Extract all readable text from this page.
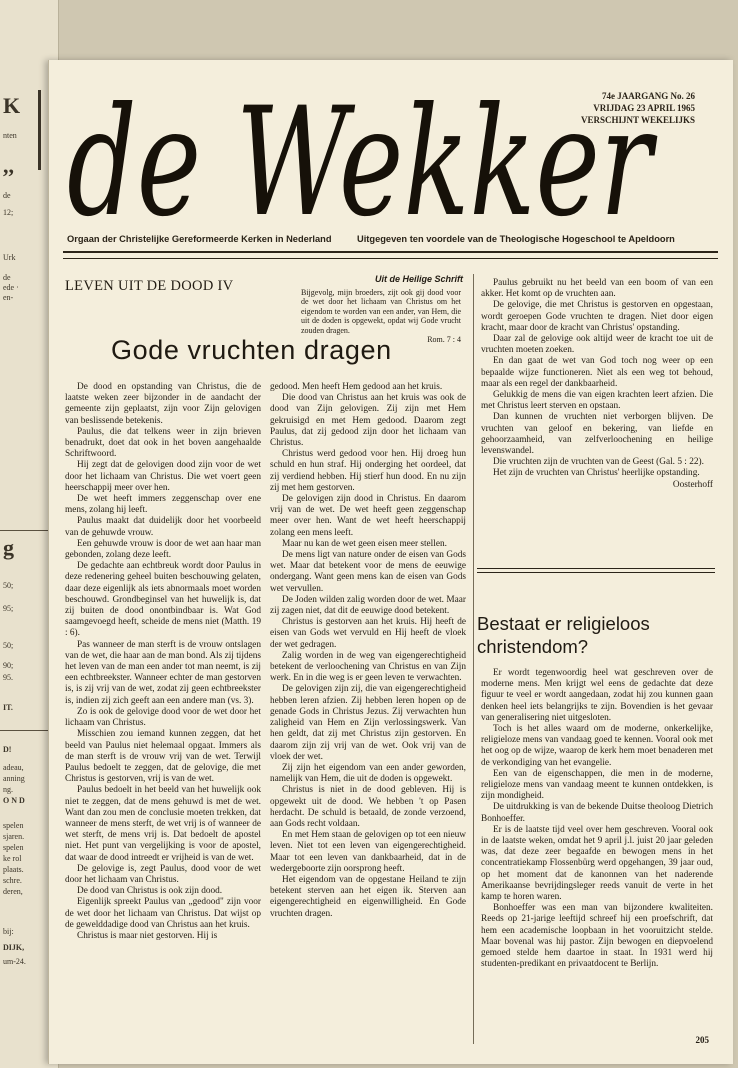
K
nten
,,
de
12;
Urk
de
ede ·
en-
g
50;
95;
50;
90;
95.
IT.
D!
adeau,
anning
ng.
O N D
spelen
sjaren.
spelen
ke rol
plaats.
schre.
deren,
bij:
DIJK,
um-24.
de Wekker
74e JAARGANG No. 26
VRIJDAG 23 APRIL 1965
VERSCHIJNT WEKELIJKS
Orgaan der Christelijke Gereformeerde Kerken in Nederland	Uitgegeven ten voordele van de Theologische Hogeschool te Apeldoorn
LEVEN UIT DE DOOD IV	Uit de Heilige Schrift
Bijgevolg, mijn broeders, zijt ook gij dood voor de wet door het lichaam van Christus om het eigendom te worden van een ander, van Hem, die uit de doden is opgewekt, opdat wij Gode vrucht zouden dragen.
Rom. 7 : 4
Gode vruchten dragen

De dood en opstanding van Christus, die de laatste weken zeer bijzonder in de aandacht der gemeente zijn geplaatst, zijn voor Zijn gelovigen van beslissende betekenis.

Paulus, die dat telkens weer in zijn brieven benadrukt, doet dat ook in het boven aangehaalde Schriftwoord.

Hij zegt dat de gelovigen dood zijn voor de wet door het lichaam van Christus. Die wet voert geen heerschappij meer over hen.

De wet heeft immers zeggenschap over ene mens, zolang hij leeft.

Paulus maakt dat duidelijk door het voorbeeld van de gehuwde vrouw.

Een gehuwde vrouw is door de wet aan haar man gebonden, zolang deze leeft.

De gedachte aan echtbreuk wordt door Paulus in deze redenering geheel buiten beschouwing gelaten, daar deze eigenlijk als iets abnormaals moet worden beschouwd. Grondbeginsel van het huwelijk is, dat zij buiten de dood onontbindbaar is. Wat God saamgevoegd heeft, scheide de mens niet (Matth. 19 : 6).

Pas wanneer de man sterft is de vrouw ontslagen van de wet, die haar aan de man bond. Als zij tijdens het leven van de man een ander tot man neemt, is zij een echtbreekster. Wanneer echter de man gestorven is, is zij vrij van de wet, zodat zij geen echtbreekster is, indien zij zich geeft aan een andere man (vs. 3).

Zo is ook de gelovige dood voor de wet door het lichaam van Christus.

Misschien zou iemand kunnen zeggen, dat het beeld van Paulus niet helemaal opgaat. Immers als de man sterft is de vrouw vrij van de wet. Terwijl Paulus bedoelt te zeggen, dat de gelovige, die met Christus is gestorven, vrij is van de wet.

Paulus bedoelt in het beeld van het huwelijk ook niet te zeggen, dat de mens gehuwd is met de wet. Want dan zou men de conclusie moeten trekken, dat wanneer de mens sterft, de wet vrij is of wanneer de wet sterft, de mens vrij is. Dat bedoelt de apostel niet. Het punt van vergelijking is voor de apostel, dat waar de dood intreedt er vrijheid is van de wet.

De gelovige is, zegt Paulus, dood voor de wet door het lichaam van Christus.

De dood van Christus is ook zijn dood.

Eigenlijk spreekt Paulus van „gedood" zijn voor de wet door het lichaam van Christus. Dat wijst op de gewelddadige dood van Christus aan het kruis.

Christus is maar niet gestorven. Hij is

gedood. Men heeft Hem gedood aan het kruis.

Die dood van Christus aan het kruis was ook de dood van Zijn gelovigen. Zij zijn met Hem gekruisigd en met Hem gedood. Daarom zegt Paulus, dat zij gedood zijn door het lichaam van Christus.

Christus werd gedood voor hen. Hij droeg hun schuld en hun straf. Hij onderging het oordeel, dat zij verdiend hebben. Hij stierf hun dood. En nu zijn zij met hem gestorven.

De gelovigen zijn dood in Christus. En daarom vrij van de wet. De wet heeft geen zeggenschap meer over hen. Want de wet heeft heerschappij zolang een mens leeft.

Maar nu kan de wet geen eisen meer stellen.

De mens ligt van nature onder de eisen van Gods wet. Maar dat betekent voor de mens de eeuwige ondergang. Want geen mens kan de eisen van Gods wet vervullen.

De Joden wilden zalig worden door de wet. Maar zij zagen niet, dat dit de eeuwige dood betekent.

Christus is gestorven aan het kruis. Hij heeft de eisen van Gods wet vervuld en Hij heeft de vloek der wet gedragen.

Zalig worden in de weg van eigengerechtigheid betekent de verloochening van Christus en van Zijn werk. En in die weg is er geen leven te verwachten.

De gelovigen zijn zij, die van eigengerechtigheid hebben leren afzien. Zij hebben leren hopen op de genade Gods in Christus Jezus. Zij verwachten hun zaligheid van Hem en Zijn verlossingswerk. Van hen geldt, dat zij met Christus zijn gestorven. En daarom zijn zij vrij van de wet. Ook vrij van de vloek der wet.

Zij zijn het eigendom van een ander geworden, namelijk van Hem, die uit de doden is opgewekt.

Christus is niet in de dood gebleven. Hij is opgewekt uit de dood. We hebben 't op Pasen herdacht. De schuld is betaald, de zonde verzoend, aan Gods recht voldaan.

En met Hem staan de gelovigen op tot een nieuw leven. Niet tot een leven van eigengerechtigheid. Maar tot een leven van dankbaarheid, dat in de wedergeboorte zijn oorsprong heeft.

Het eigendom van de opgestane Heiland te zijn betekent sterven aan het eigen ik. Sterven aan eigengerechtigheid en eigenwilligheid. En Gode vruchten dragen.

Paulus gebruikt nu het beeld van een boom of van een akker. Het komt op de vruchten aan.

De gelovige, die met Christus is gestorven en opgestaan, wordt geroepen Gode vruchten te dragen. Niet door eigen kracht, maar door de kracht van Christus' opstanding.

Daar zal de gelovige ook altijd weer de kracht toe uit de vruchten moeten zoeken.

En dan gaat de wet van God toch nog weer op een bepaalde wijze functioneren. Niet als een weg tot behoud, maar als een regel der dankbaarheid.

Gelukkig de mens die van eigen krachten leert afzien. Die met Christus leert sterven en opstaan.

Dan kunnen de vruchten niet verborgen blijven. De vruchten van geloof en bekering, van liefde en gehoorzaamheid, van zelfverloochening en heilige levenswandel.

Die vruchten zijn de vruchten van de Geest (Gal. 5 : 22).

Het zijn de vruchten van Christus' heerlijke opstanding.

Oosterhoff
Bestaat er religieloos christendom?

Er wordt tegenwoordig heel wat geschreven over de moderne mens. Men krijgt wel eens de gedachte dat deze figuur te veel er wordt aangedaan, zodat hij zou kunnen gaan denken heel iets belangrijks te zijn. Bovendien is het gevaar van generalisering niet uitgesloten.

Toch is het alles waard om de moderne, onkerkelijke, religieloze mens van vandaag goed te kennen. Vooral ook met het oog op de wijze, waarop de kerk hem moet benaderen met de verkondiging van het evangelie.

Een van de eigenschappen, die men in de moderne, religieloze mens van vandaag meent te kunnen ontdekken, is zijn mondigheid.

De uitdrukking is van de bekende Duitse theoloog Dietrich Bonhoeffer.

Er is de laatste tijd veel over hem geschreven. Vooral ook in de laatste weken, omdat het 9 april j.l. juist 20 jaar geleden was, dat deze zeer begaafde en bewogen mens in het concentratiekamp Flossenbürg werd opgehangen, 39 jaar oud, op het moment dat de kanonnen van het naderende Amerikaanse bevrijdingsleger reeds vanuit de verte in het kamp te horen waren.

Bonhoeffer was een man van bijzondere kwaliteiten. Reeds op 21-jarige leeftijd schreef hij een proefschrift, dat hem een academische loopbaan in het vooruitzicht stelde. Maar bovenal was hij pastor. Zijn bewogen en diepvoelend gemoed stelde hem daartoe in staat. In 1931 werd hij studenten-predikant en privaatdocent te Berlijn.

205
